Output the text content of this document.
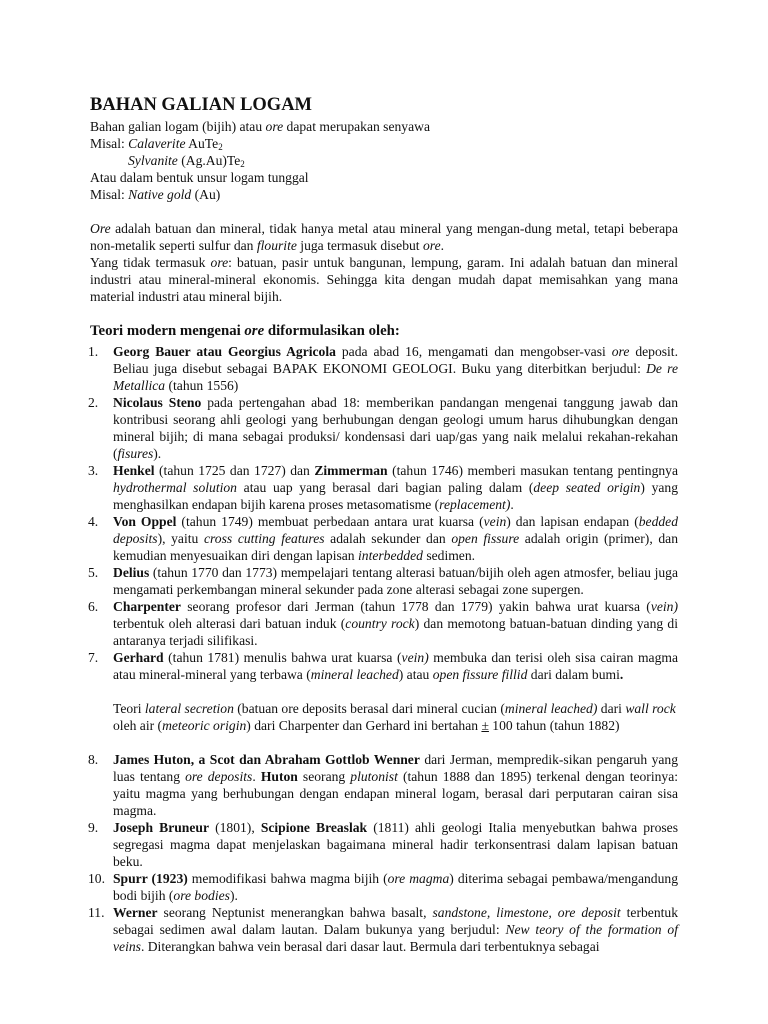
BAHAN GALIAN LOGAM

Bahan galian logam (bijih) atau ore dapat merupakan senyawa

Misal: Calaverite AuTe$_2$

Sylvanite $(Ag.Au)Te_2$

Atau dalam bentuk unsur logam tunggal

Misal: Native gold (Au)

Ore adalah batuan dan mineral, tidak hanya metal atau mineral yang mengan-dung metal, tetapi beberapa non-metalik seperti sulfur dan flourite juga termasuk disebut ore.

Yang tidak termasuk ore: batuan, pasir untuk bangunan, lempung, garam. Ini adalah batuan dan mineral industri atau mineral-mineral ekonomis. Sehingga kita dengan mudah dapat memisahkan yang mana material industri atau mineral bijih.

Teori modern mengenai ore diformulasikan oleh:

1. Georg Bauer atau Georgius Agricola pada abad 16, mengamati dan mengobser-vasi ore deposit. Beliau juga disebut sebagai BAPAK EKONOMI GEOLOGI. Buku yang diterbitkan berjudul: De re Metallica (tahun 1556)

2. Nicolaus Steno pada pertengahan abad 18: memberikan pandangan mengenai tanggung jawab dan kontribusi seorang ahli geologi yang berhubungan dengan geologi umum harus dihubungkan dengan mineral bijih; di mana sebagai produksi/ kondensasi dari uap/gas yang naik melalui rekahan-rekahan (fisures).

3. Henkel (tahun 1725 dan 1727) dan Zimmerman (tahun 1746) memberi masukan tentang pentingnya hydrothermal solution atau uap yang berasal dari bagian paling dalam (deep seated origin) yang menghasilkan endapan bijih karena proses metasomatisme (replacement).

4. Von Oppel (tahun 1749) membuat perbedaan antara urat kuarsa (vein) dan lapisan endapan (bedded deposits), yaitu cross cutting features adalah sekunder dan open fissure adalah origin (primer), dan kemudian menyesuaikan diri dengan lapisan interbedded sedimen.

5. Delius (tahun 1770 dan 1773) mempelajari tentang alterasi batuan/bijih oleh agen atmosfer, beliau juga mengamati perkembangan mineral sekunder pada zone alterasi sebagai zone supergen.

6. Charpenter seorang profesor dari Jerman (tahun 1778 dan 1779) yakin bahwa urat kuarsa (vein) terbentuk oleh alterasi dari batuan induk (country rock) dan memotong batuan-batuan dinding yang di antaranya terjadi silifikasi.

7. Gerhard (tahun 1781) menulis bahwa urat kuarsa (vein) membuka dan terisi oleh sisa cairan magma atau mineral-mineral yang terbawa (mineral leached) atau open fissure fillid dari dalam bumi.

Teori lateral secretion (batuan ore deposits berasal dari mineral cucian (mineral leached) dari wall rock oleh air (meteoric origin) dari Charpenter dan Gerhard ini bertahan ± 100 tahun (tahun 1882)

8. James Huton, a Scot dan Abraham Gottlob Wenner dari Jerman, mempredik-sikan pengaruh yang luas tentang ore deposits. Huton seorang plutonist (tahun 1888 dan 1895) terkenal dengan teorinya: yaitu magma yang berhubungan dengan endapan mineral logam, berasal dari perputaran cairan sisa magma.

9. Joseph Bruneur (1801), Scipione Breaslak (1811) ahli geologi Italia menyebutkan bahwa proses segregasi magma dapat menjelaskan bagaimana mineral hadir terkonsentrasi dalam lapisan batuan beku.

10. Spurr (1923) memodifikasi bahwa magma bijih (ore magma) diterima sebagai pembawa/mengandung bodi bijih (ore bodies).

11. Werner seorang Neptunist menerangkan bahwa basalt, sandstone, limestone, ore deposit terbentuk sebagai sedimen awal dalam lautan. Dalam bukunya yang berjudul: New teory of the formation of veins. Diterangkan bahwa vein berasal dari dasar laut. Bermula dari terbentuknya sebagai
